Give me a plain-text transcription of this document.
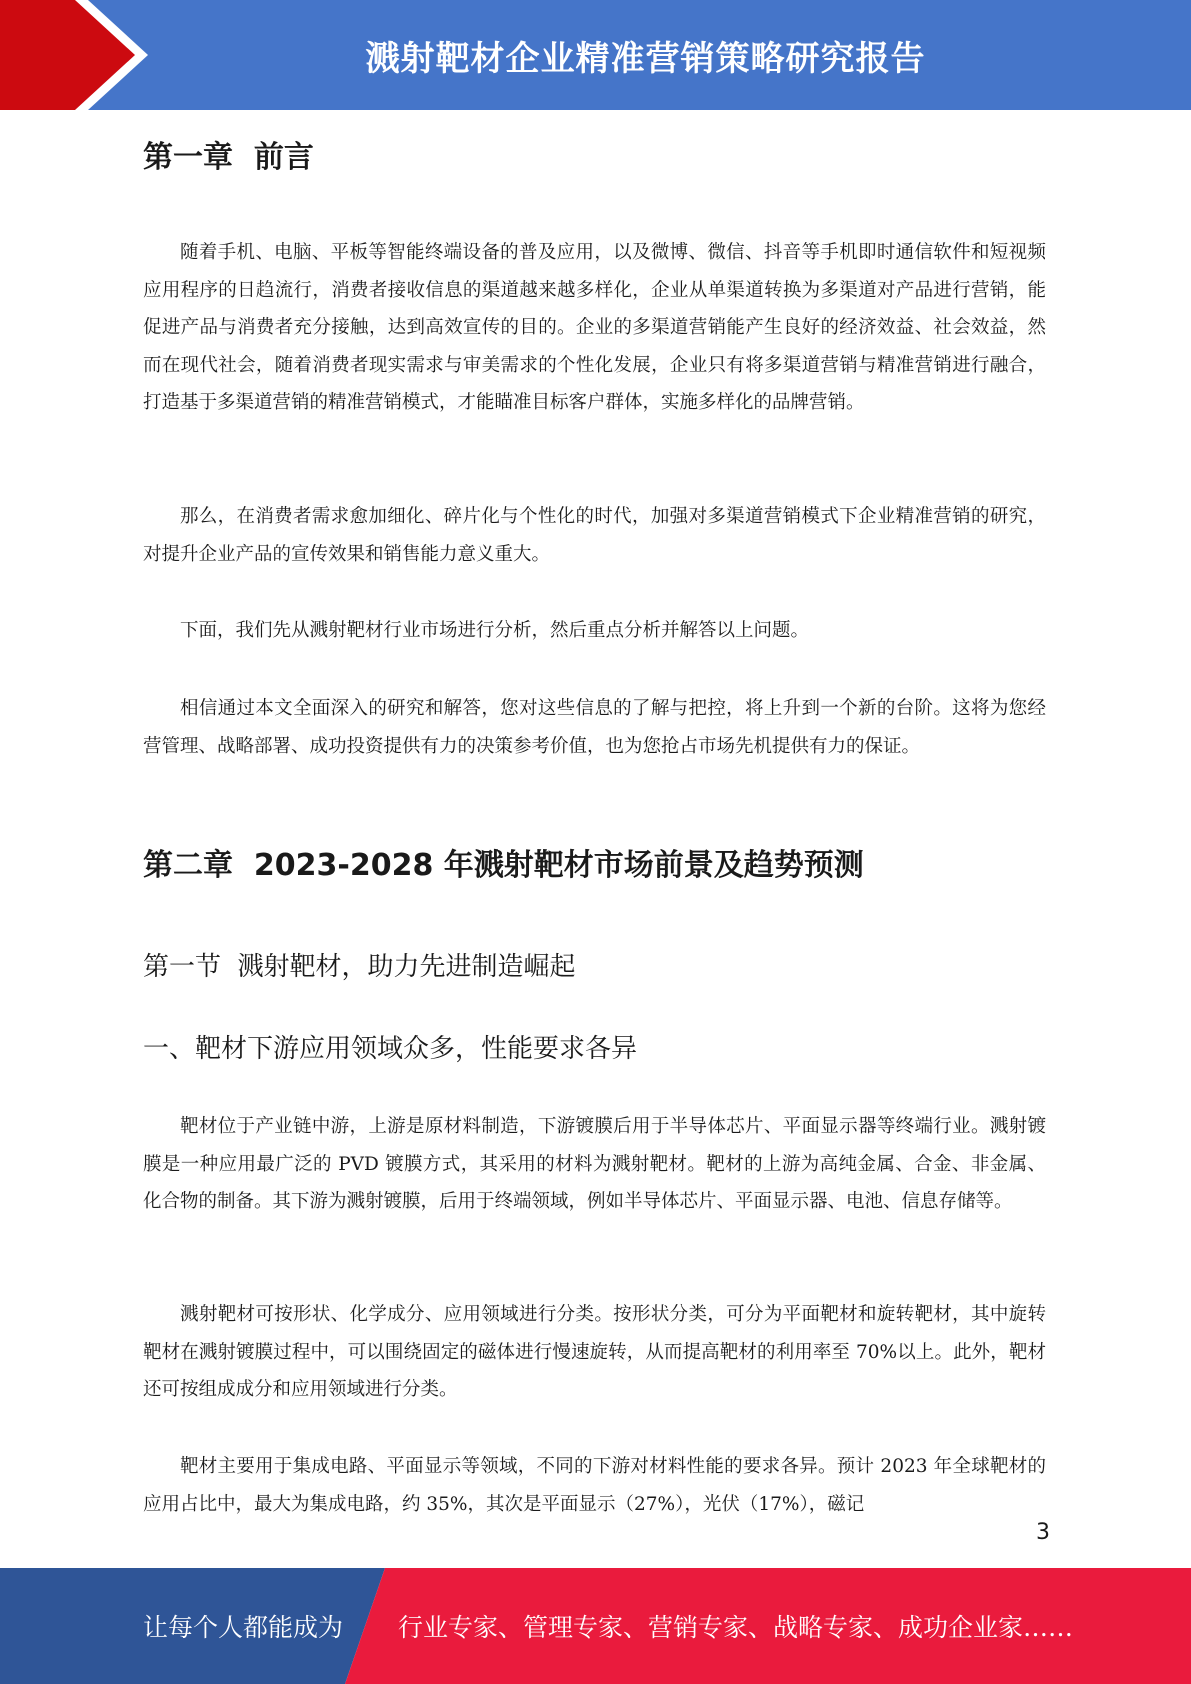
溅射靶材企业精准营销策略研究报告
第一章  前言

随着手机、电脑、平板等智能终端设备的普及应用，以及微博、微信、抖音等手机即时通信软件和短视频应用程序的日趋流行，消费者接收信息的渠道越来越多样化，企业从单渠道转换为多渠道对产品进行营销，能促进产品与消费者充分接触，达到高效宣传的目的。企业的多渠道营销能产生良好的经济效益、社会效益，然而在现代社会，随着消费者现实需求与审美需求的个性化发展，企业只有将多渠道营销与精准营销进行融合，打造基于多渠道营销的精准营销模式，才能瞄准目标客户群体，实施多样化的品牌营销。

那么，在消费者需求愈加细化、碎片化与个性化的时代，加强对多渠道营销模式下企业精准营销的研究，对提升企业产品的宣传效果和销售能力意义重大。

下面，我们先从溅射靶材行业市场进行分析，然后重点分析并解答以上问题。

相信通过本文全面深入的研究和解答，您对这些信息的了解与把控，将上升到一个新的台阶。这将为您经营管理、战略部署、成功投资提供有力的决策参考价值，也为您抢占市场先机提供有力的保证。

第二章  2023-2028 年溅射靶材市场前景及趋势预测
第一节  溅射靶材，助力先进制造崛起
一、靶材下游应用领域众多，性能要求各异

靶材位于产业链中游，上游是原材料制造，下游镀膜后用于半导体芯片、平面显示器等终端行业。溅射镀膜是一种应用最广泛的 PVD 镀膜方式，其采用的材料为溅射靶材。靶材的上游为高纯金属、合金、非金属、化合物的制备。其下游为溅射镀膜，后用于终端领域，例如半导体芯片、平面显示器、电池、信息存储等。

溅射靶材可按形状、化学成分、应用领域进行分类。按形状分类，可分为平面靶材和旋转靶材，其中旋转靶材在溅射镀膜过程中，可以围绕固定的磁体进行慢速旋转，从而提高靶材的利用率至 70%以上。此外，靶材还可按组成成分和应用领域进行分类。

靶材主要用于集成电路、平面显示等领域，不同的下游对材料性能的要求各异。预计 2023 年全球靶材的应用占比中，最大为集成电路，约 35%，其次是平面显示（27%），光伏（17%），磁记

3
让每个人都能成为 行业专家、管理专家、营销专家、战略专家、成功企业家……
